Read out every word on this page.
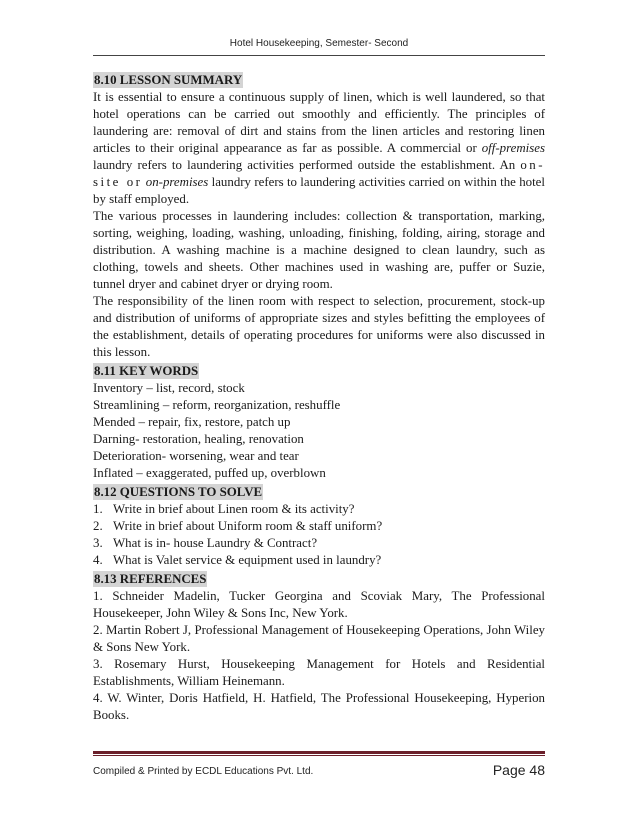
Hotel Housekeeping, Semester- Second
8.10 LESSON SUMMARY

It is essential to ensure a continuous supply of linen, which is well laundered, so that hotel operations can be carried out smoothly and efficiently. The principles of laundering are: removal of dirt and stains from the linen articles and restoring linen articles to their original appearance as far as possible. A commercial or off-premises laundry refers to laundering activities performed outside the establishment. An on-site or on-premises laundry refers to laundering activities carried on within the hotel by staff employed.

The various processes in laundering includes: collection & transportation, marking, sorting, weighing, loading, washing, unloading, finishing, folding, airing, storage and distribution. A washing machine is a machine designed to clean laundry, such as clothing, towels and sheets. Other machines used in washing are, puffer or Suzie, tunnel dryer and cabinet dryer or drying room.

The responsibility of the linen room with respect to selection, procurement, stock-up and distribution of uniforms of appropriate sizes and styles befitting the employees of the establishment, details of operating procedures for uniforms were also discussed in this lesson.

8.11 KEY WORDS
Inventory – list, record, stock
Streamlining – reform, reorganization, reshuffle
Mended – repair, fix, restore, patch up
Darning- restoration, healing, renovation
Deterioration- worsening, wear and tear
Inflated – exaggerated, puffed up, overblown
8.12 QUESTIONS TO SOLVE
1. Write in brief about Linen room & its activity?
2. Write in brief about Uniform room & staff uniform?
3. What is in- house Laundry & Contract?
4. What is Valet service & equipment used in laundry?
8.13 REFERENCES

1. Schneider Madelin, Tucker Georgina and Scoviak Mary, The Professional Housekeeper, John Wiley & Sons Inc, New York.

2. Martin Robert J, Professional Management of Housekeeping Operations, John Wiley & Sons New York.

3. Rosemary Hurst, Housekeeping Management for Hotels and Residential Establishments, William Heinemann.

4. W. Winter, Doris Hatfield, H. Hatfield, The Professional Housekeeping, Hyperion Books.

Compiled & Printed by ECDL Educations Pvt. Ltd.	Page 48
